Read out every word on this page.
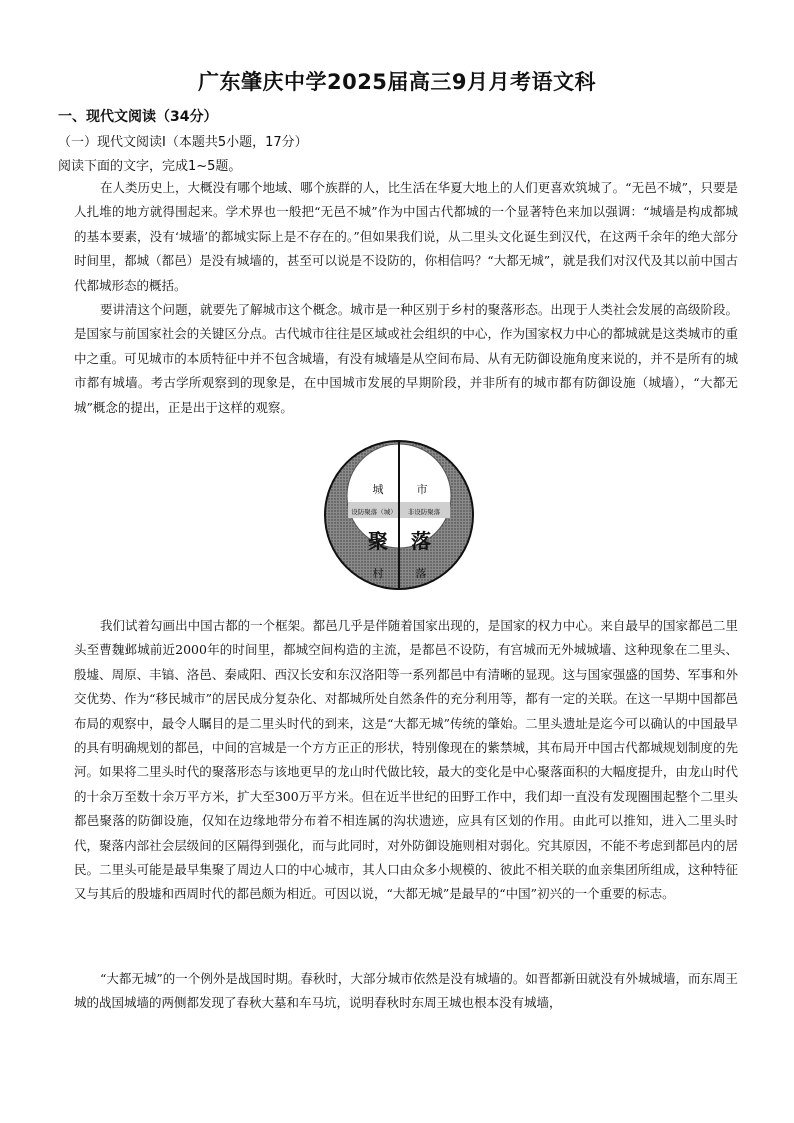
广东肇庆中学2025届高三9月月考语文科
一、现代文阅读（34分）
（一）现代文阅读Ⅰ（本题共5小题，17分）
阅读下面的文字，完成1~5题。

在人类历史上，大概没有哪个地域、哪个族群的人，比生活在华夏大地上的人们更喜欢筑城了。“无邑不城”，只要是人扎堆的地方就得围起来。学术界也一般把“无邑不城”作为中国古代都城的一个显著特色来加以强调：“城墙是构成都城的基本要素，没有‘城墙’的都城实际上是不存在的。”但如果我们说，从二里头文化诞生到汉代，在这两千余年的绝大部分时间里，都城（都邑）是没有城墙的，甚至可以说是不设防的，你相信吗？“大都无城”，就是我们对汉代及其以前中国古代都城形态的概括。

要讲清这个问题，就要先了解城市这个概念。城市是一种区别于乡村的聚落形态。出现于人类社会发展的高级阶段。是国家与前国家社会的关键区分点。古代城市往往是区域或社会组织的中心，作为国家权力中心的都城就是这类城市的重中之重。可见城市的本质特征中并不包含城墙，有没有城墙是从空间布局、从有无防御设施角度来说的，并不是所有的城市都有城墙。考古学所观察到的现象是，在中国城市发展的早期阶段，并非所有的城市都有防御设施（城墙），“大都无城”概念的提出，正是出于这样的观察。

城	市
设防聚落（城） 非设防聚落
聚 落
村	落

我们试着勾画出中国古都的一个框架。都邑几乎是伴随着国家出现的，是国家的权力中心。来自最早的国家都邑二里头至曹魏邺城前近2000年的时间里，都城空间构造的主流，是都邑不设防，有宫城而无外城城墙、这种现象在二里头、殷墟、周原、丰镐、洛邑、秦咸阳、西汉长安和东汉洛阳等一系列都邑中有清晰的显现。这与国家强盛的国势、军事和外交优势、作为“移民城市”的居民成分复杂化、对都城所处自然条件的充分利用等，都有一定的关联。在这一早期中国都邑布局的观察中，最令人瞩目的是二里头时代的到来，这是“大都无城”传统的肇始。二里头遗址是迄今可以确认的中国最早的具有明确规划的都邑，中间的宫城是一个方方正正的形状，特别像现在的紫禁城，其布局开中国古代都城规划制度的先河。如果将二里头时代的聚落形态与该地更早的龙山时代做比较，最大的变化是中心聚落面积的大幅度提升，由龙山时代的十余万至数十余万平方米，扩大至300万平方米。但在近半世纪的田野工作中，我们却一直没有发现圈围起整个二里头都邑聚落的防御设施，仅知在边缘地带分布着不相连属的沟状遗迹，应具有区划的作用。由此可以推知，进入二里头时代，聚落内部社会层级间的区隔得到强化，而与此同时，对外防御设施则相对弱化。究其原因，不能不考虑到都邑内的居民。二里头可能是最早集聚了周边人口的中心城市，其人口由众多小规模的、彼此不相关联的血亲集团所组成，这种特征又与其后的殷墟和西周时代的都邑颇为相近。可因以说，“大都无城”是最早的“中国”初兴的一个重要的标志。

“大都无城”的一个例外是战国时期。春秋时，大部分城市依然是没有城墙的。如晋都新田就没有外城城墙，而东周王城的战国城墙的两侧都发现了春秋大墓和车马坑，说明春秋时东周王城也根本没有城墙，
